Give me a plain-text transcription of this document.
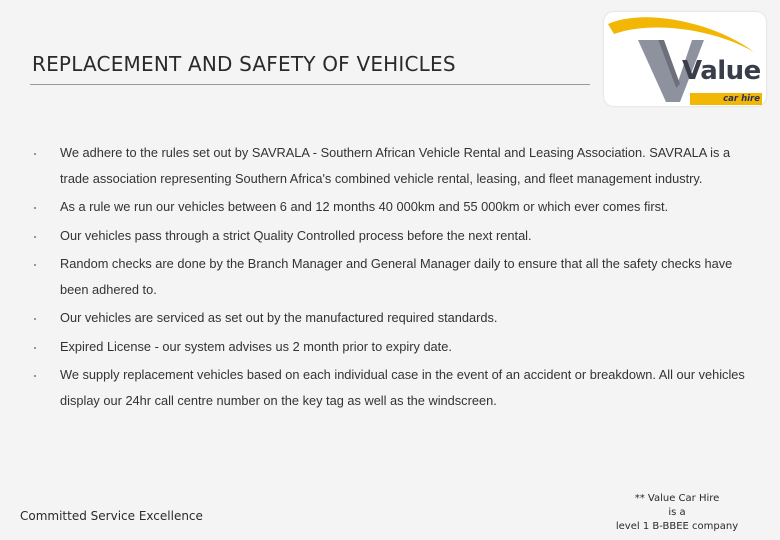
REPLACEMENT AND SAFETY OF VEHICLES	Value
car hire
We adhere to the rules set out by SAVRALA - Southern African Vehicle Rental and Leasing Association. SAVRALA is a trade association representing Southern Africa's combined vehicle rental, leasing, and fleet management industry.
As a rule we run our vehicles between 6 and 12 months 40 000km and 55 000km or which ever comes first.
Our vehicles pass through a strict Quality Controlled process before the next rental.
Random checks are done by the Branch Manager and General Manager daily to ensure that all the safety checks have been adhered to.
Our vehicles are serviced as set out by the manufactured required standards.
Expired License - our system advises us 2 month prior to expiry date.
We supply replacement vehicles based on each individual case in the event of an accident or breakdown. All our vehicles display our 24hr call centre number on the key tag as well as the windscreen.
Committed Service Excellence
** Value Car Hire
is a
level 1 B-BBEE company
